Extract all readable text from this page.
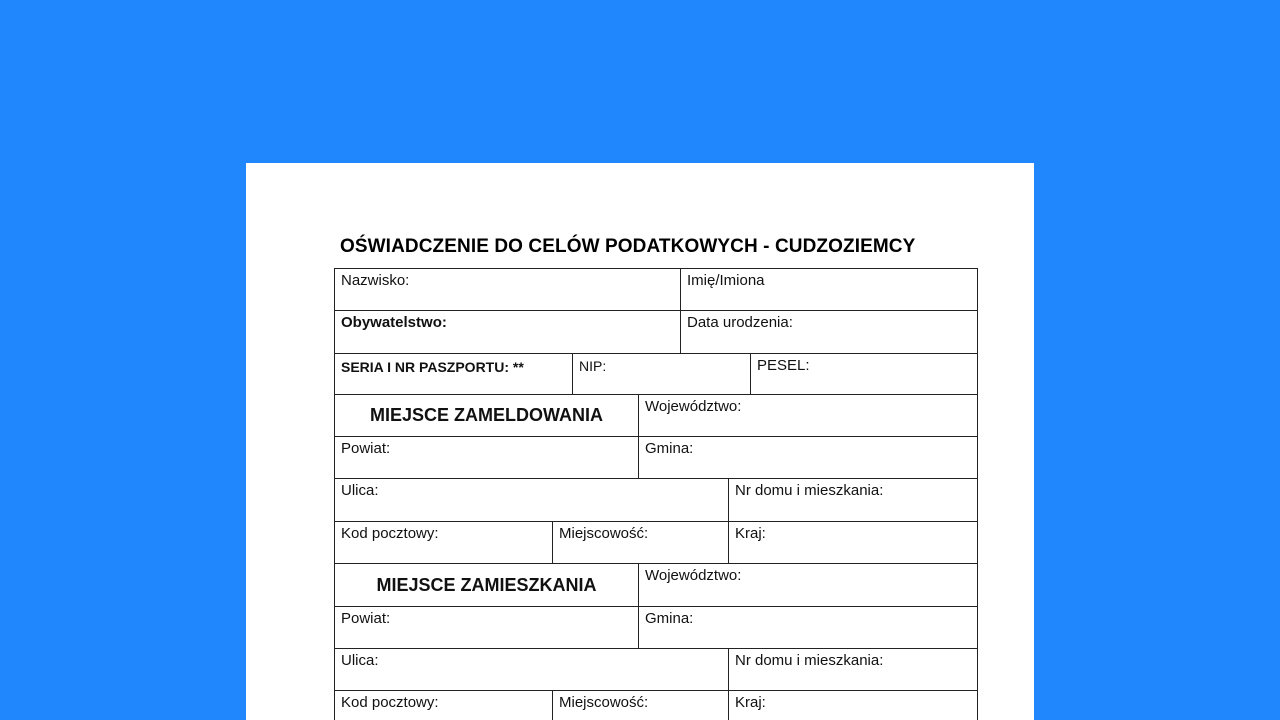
OŚWIADCZENIE DO CELÓW PODATKOWYCH - CUDZOZIEMCY
Nazwisko:	Imię/Imiona
Obywatelstwo:	Data urodzenia:
SERIA I NR PASZPORTU: **	NIP:	PESEL:
MIEJSCE ZAMELDOWANIA	Województwo:
Powiat:	Gmina:
Ulica:	Nr domu i mieszkania:
Kod pocztowy:	Miejscowość:	Kraj:
MIEJSCE ZAMIESZKANIA	Województwo:
Powiat:	Gmina:
Ulica:	Nr domu i mieszkania:
Kod pocztowy:	Miejscowość:	Kraj:
